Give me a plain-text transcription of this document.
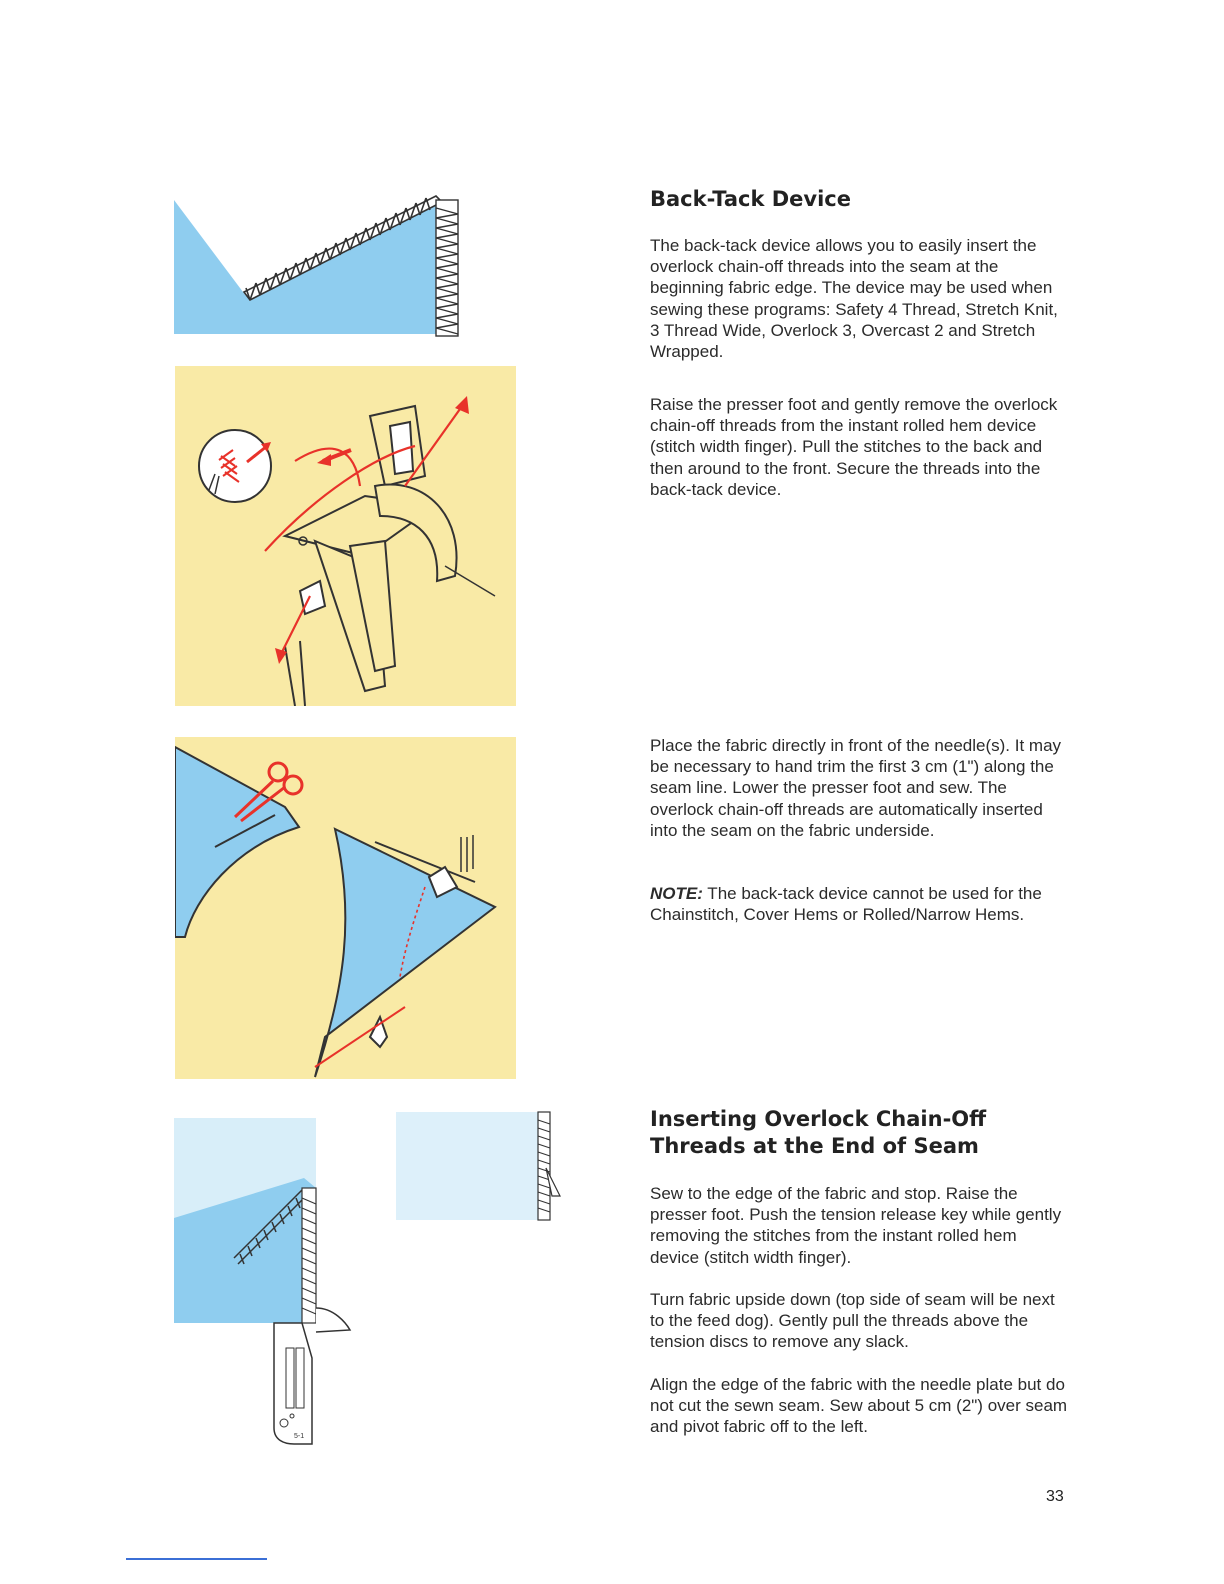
5-1
Back-Tack Device

The back-tack device allows you to easily insert the overlock chain-off threads into the seam at the beginning fabric edge. The device may be used when sewing these programs: Safety 4 Thread, Stretch Knit, 3 Thread Wide, Overlock 3, Overcast 2 and Stretch Wrapped.

Raise the presser foot and gently remove the overlock chain-off threads from the instant rolled hem device (stitch width finger). Pull the stitches to the back and then around to the front. Secure the threads into the back-tack device.

Place the fabric directly in front of the needle(s). It may be necessary to hand trim the first 3 cm (1") along the seam line. Lower the presser foot and sew. The overlock chain-off threads are automatically inserted into the seam on the fabric underside.

NOTE: The back-tack device cannot be used for the Chainstitch, Cover Hems or Rolled/Narrow Hems.

Inserting Overlock Chain-Off Threads at the End of Seam

Sew to the edge of the fabric and stop. Raise the presser foot. Push the tension release key while gently removing the stitches from the instant rolled hem device (stitch width finger).

Turn fabric upside down (top side of seam will be next to the feed dog). Gently pull the threads above the tension discs to remove any slack.

Align the edge of the fabric with the needle plate but do not cut the sewn seam. Sew about 5 cm (2") over seam and pivot fabric off to the left.

33
